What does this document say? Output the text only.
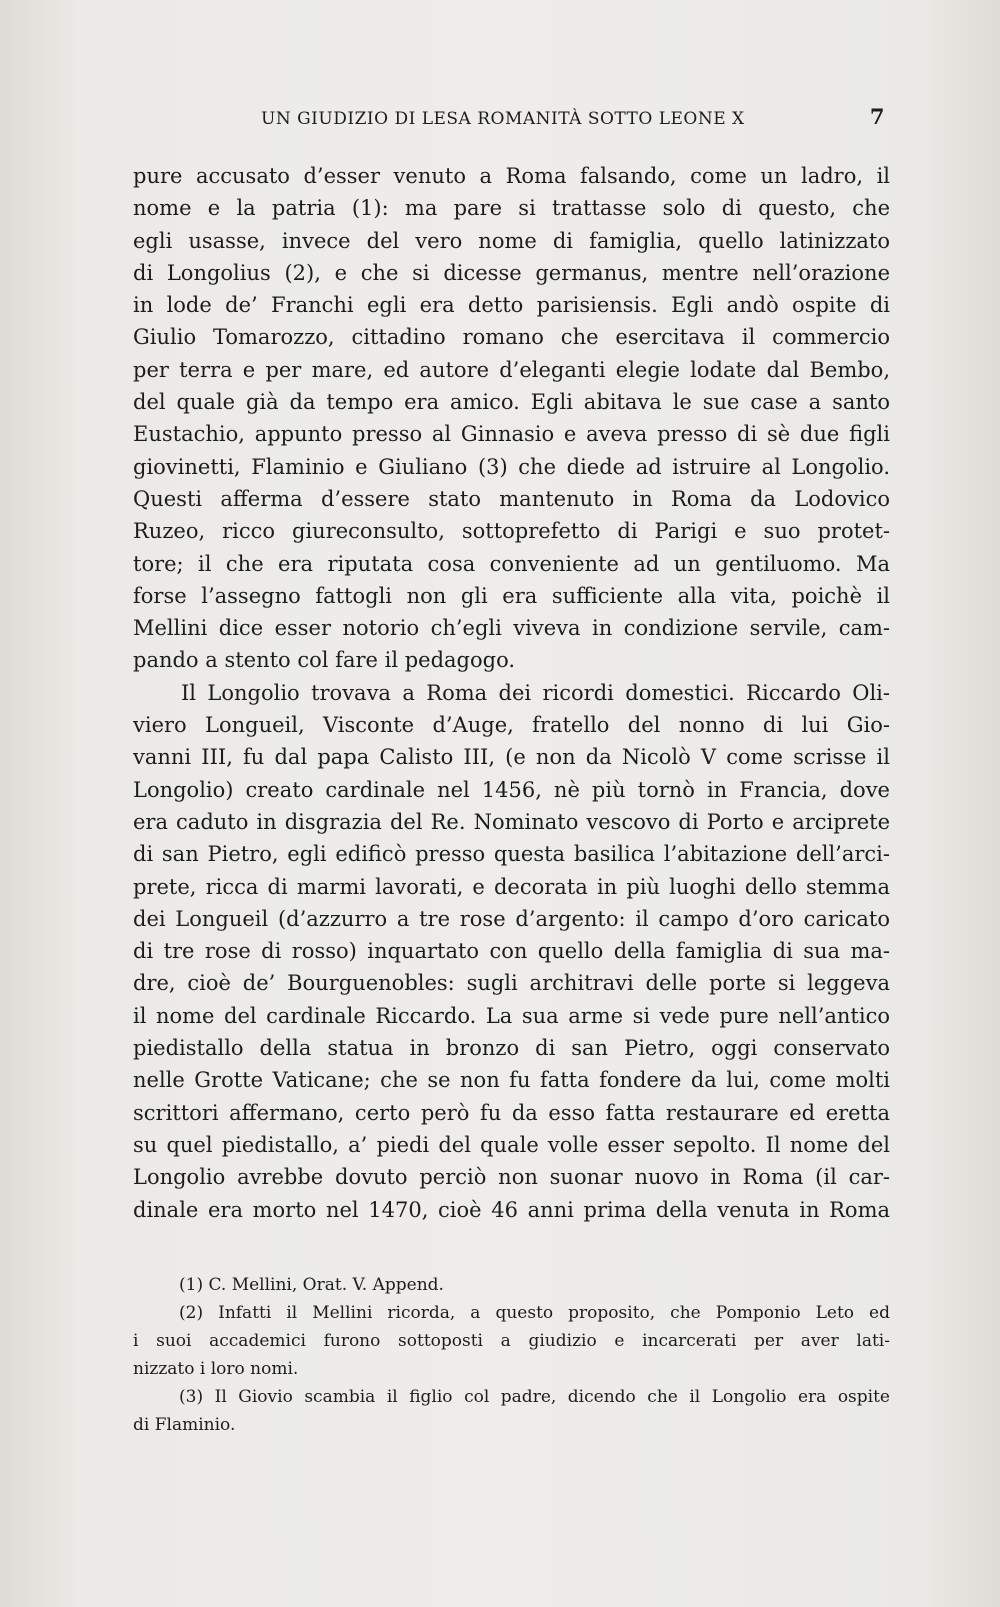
UN GIUDIZIO DI LESA ROMANITÀ SOTTO LEONE X	7
pure accusato d’esser venuto a Roma falsando, come un ladro, il
nome e la patria (1): ma pare si trattasse solo di questo, che
egli usasse, invece del vero nome di famiglia, quello latinizzato
di Longolius (2), e che si dicesse germanus, mentre nell’orazione
in lode de’ Franchi egli era detto parisiensis. Egli andò ospite di
Giulio Tomarozzo, cittadino romano che esercitava il commercio
per terra e per mare, ed autore d’eleganti elegie lodate dal Bembo,
del quale già da tempo era amico. Egli abitava le sue case a santo
Eustachio, appunto presso al Ginnasio e aveva presso di sè due figli
giovinetti, Flaminio e Giuliano (3) che diede ad istruire al Longolio.
Questi afferma d’essere stato mantenuto in Roma da Lodovico
Ruzeo, ricco giureconsulto, sottoprefetto di Parigi e suo protet-
tore; il che era riputata cosa conveniente ad un gentiluomo. Ma
forse l’assegno fattogli non gli era sufficiente alla vita, poichè il
Mellini dice esser notorio ch’egli viveva in condizione servile, cam-
pando a stento col fare il pedagogo.
Il Longolio trovava a Roma dei ricordi domestici. Riccardo Oli-
viero Longueil, Visconte d’Auge, fratello del nonno di lui Gio-
vanni III, fu dal papa Calisto III, (e non da Nicolò V come scrisse il
Longolio) creato cardinale nel 1456, nè più tornò in Francia, dove
era caduto in disgrazia del Re. Nominato vescovo di Porto e arciprete
di san Pietro, egli edificò presso questa basilica l’abitazione dell’arci-
prete, ricca di marmi lavorati, e decorata in più luoghi dello stemma
dei Longueil (d’azzurro a tre rose d’argento: il campo d’oro caricato
di tre rose di rosso) inquartato con quello della famiglia di sua ma-
dre, cioè de’ Bourguenobles: sugli architravi delle porte si leggeva
il nome del cardinale Riccardo. La sua arme si vede pure nell’antico
piedistallo della statua in bronzo di san Pietro, oggi conservato
nelle Grotte Vaticane; che se non fu fatta fondere da lui, come molti
scrittori affermano, certo però fu da esso fatta restaurare ed eretta
su quel piedistallo, a’ piedi del quale volle esser sepolto. Il nome del
Longolio avrebbe dovuto perciò non suonar nuovo in Roma (il car-
dinale era morto nel 1470, cioè 46 anni prima della venuta in Roma
(1) C. Mellini, Orat. V. Append.
(2) Infatti il Mellini ricorda, a questo proposito, che Pomponio Leto ed
i suoi accademici furono sottoposti a giudizio e incarcerati per aver lati-
nizzato i loro nomi.
(3) Il Giovio scambia il figlio col padre, dicendo che il Longolio era ospite
di Flaminio.
